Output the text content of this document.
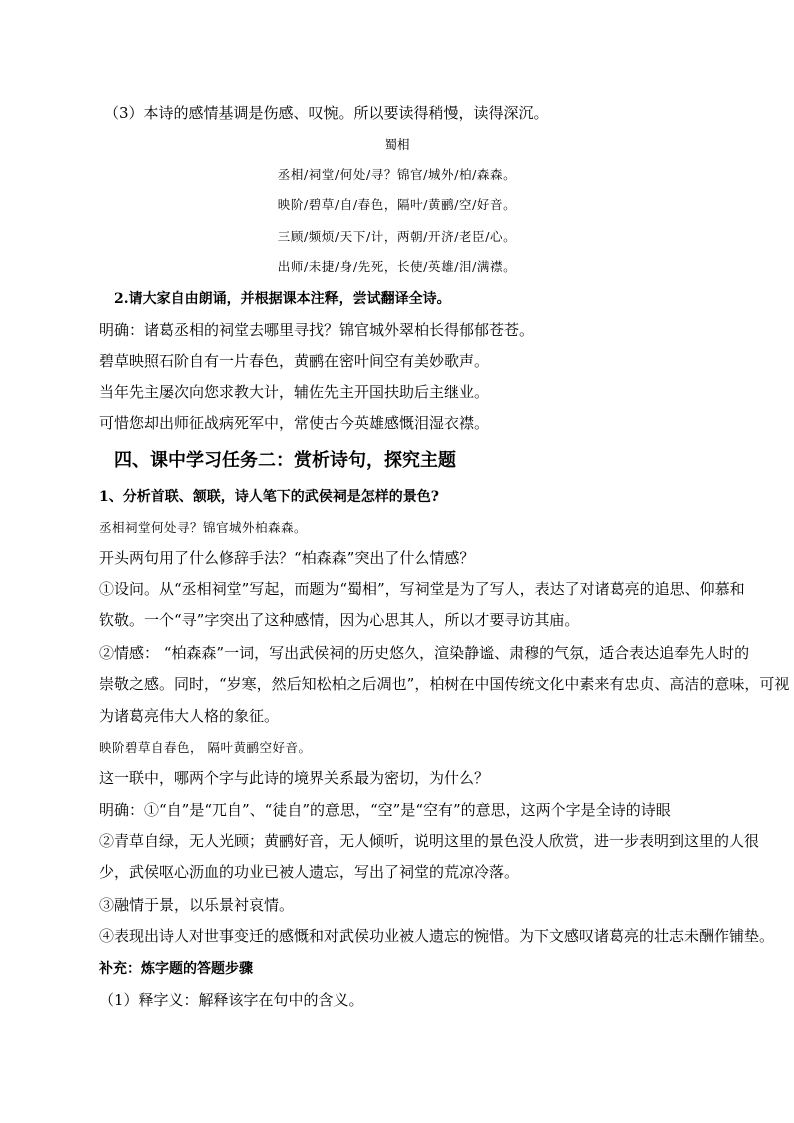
（3）本诗的感情基调是伤感、叹惋。所以要读得稍慢，读得深沉。
蜀相
丞相/祠堂/何处/寻？锦官/城外/柏/森森。
映阶/碧草/自/春色，隔叶/黄鹂/空/好音。
三顾/频烦/天下/计，两朝/开济/老臣/心。
出师/未捷/身/先死，长使/英雄/泪/满襟。
2.请大家自由朗诵，并根据课本注释，尝试翻译全诗。
明确：诸葛丞相的祠堂去哪里寻找？锦官城外翠柏长得郁郁苍苍。
碧草映照石阶自有一片春色，黄鹂在密叶间空有美妙歌声。
当年先主屡次向您求教大计，辅佐先主开国扶助后主继业。
可惜您却出师征战病死军中，常使古今英雄感慨泪湿衣襟。
四、课中学习任务二：赏析诗句，探究主题
1、分析首联、颔联，诗人笔下的武侯祠是怎样的景色?
丞相祠堂何处寻？锦官城外柏森森。
开头两句用了什么修辞手法？“柏森森”突出了什么情感？
①设问。从“丞相祠堂”写起，而题为“蜀相”，写祠堂是为了写人，表达了对诸葛亮的追思、仰慕和
钦敬。一个“寻”字突出了这种感情，因为心思其人，所以才要寻访其庙。
②情感： “柏森森”一词，写出武侯祠的历史悠久，渲染静谧、肃穆的气氛，适合表达追奉先人时的
崇敬之感。同时，“岁寒，然后知松柏之后凋也”，柏树在中国传统文化中素来有忠贞、高洁的意味，可视
为诸葛亮伟大人格的象征。
映阶碧草自春色， 隔叶黄鹂空好音。
这一联中，哪两个字与此诗的境界关系最为密切，为什么？
明确：①“自”是“兀自”、“徒自”的意思，“空”是“空有”的意思，这两个字是全诗的诗眼
②青草自绿，无人光顾；黄鹂好音，无人倾听，说明这里的景色没人欣赏，进一步表明到这里的人很
少，武侯呕心沥血的功业已被人遗忘，写出了祠堂的荒凉冷落。
③融情于景，以乐景衬哀情。
④表现出诗人对世事变迁的感慨和对武侯功业被人遗忘的惋惜。为下文感叹诸葛亮的壮志未酬作铺垫。
补充：炼字题的答题步骤
（1）释字义：解释该字在句中的含义。
